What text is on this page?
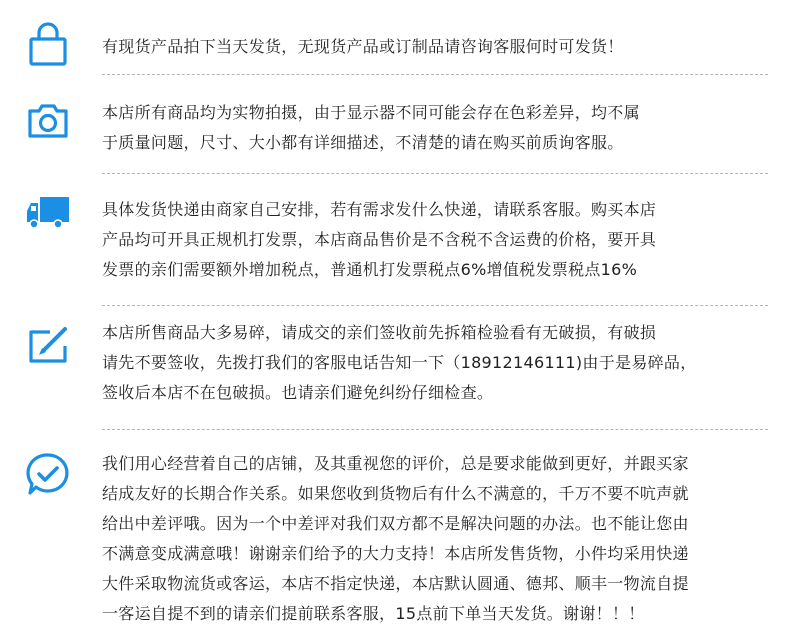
有现货产品拍下当天发货，无现货产品或订制品请咨询客服何时可发货！
本店所有商品均为实物拍摄，由于显示器不同可能会存在色彩差异，均不属
于质量问题，尺寸、大小都有详细描述，不清楚的请在购买前质询客服。
具体发货快递由商家自己安排，若有需求发什么快递，请联系客服。购买本店
产品均可开具正规机打发票，本店商品售价是不含税不含运费的价格，要开具
发票的亲们需要额外增加税点，普通机打发票税点6%增值税发票税点16%
本店所售商品大多易碎，请成交的亲们签收前先拆箱检验看有无破损，有破损
请先不要签收，先拨打我们的客服电话告知一下（18912146111)由于是易碎品，
签收后本店不在包破损。也请亲们避免纠纷仔细检查。
我们用心经营着自己的店铺，及其重视您的评价，总是要求能做到更好，并跟买家
结成友好的长期合作关系。如果您收到货物后有什么不满意的，千万不要不吭声就
给出中差评哦。因为一个中差评对我们双方都不是解决问题的办法。也不能让您由
不满意变成满意哦！谢谢亲们给予的大力支持！本店所发售货物，小件均采用快递
大件采取物流货或客运，本店不指定快递，本店默认圆通、德邦、顺丰一物流自提
一客运自提不到的请亲们提前联系客服，15点前下单当天发货。谢谢！！！
